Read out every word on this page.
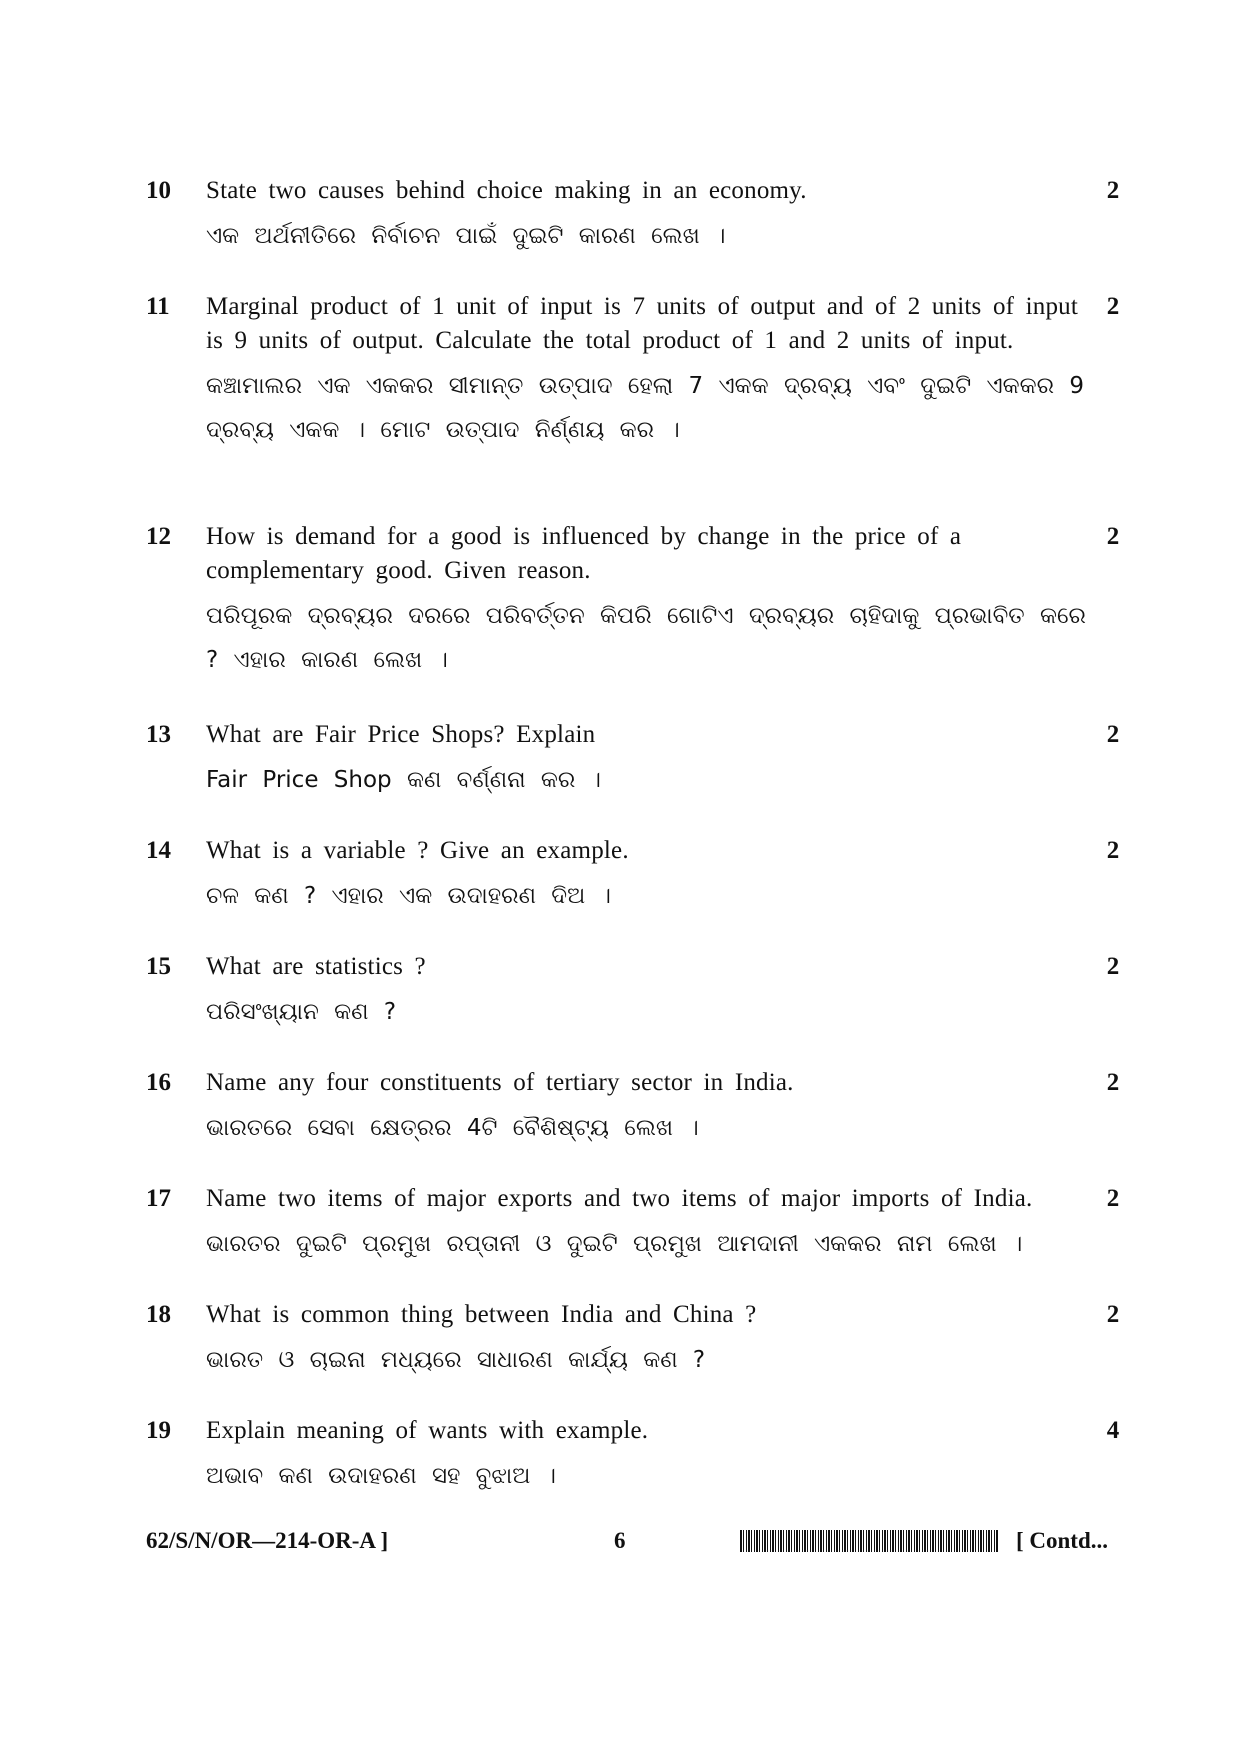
10 State two causes behind choice making in an economy.

ଏକ ଅର୍ଥନୀତିରେ ନିର୍ବାଚନ ପାଇଁ ଦୁଇଟି କାରଣ ଲେଖ ।

2
11 Marginal product of 1 unit of input is 7 units of output and of 2 units of input is 9 units of output. Calculate the total product of 1 and 2 units of input.

କଞ୍ଚାମାଲର ଏକ ଏକକର ସୀମାନ୍ତ ଉତ୍ପାଦ ହେଲା 7 ଏକକ ଦ୍ରବ୍ୟ ଏବଂ ଦୁଇଟି ଏକକର 9 ଦ୍ରବ୍ୟ ଏକକ । ମୋଟ ଉତ୍ପାଦ ନିର୍ଣ୍ଣୟ କର ।

2
12 How is demand for a good is influenced by change in the price of a complementary good. Given reason.

ପରିପୂରକ ଦ୍ରବ୍ୟର ଦରରେ ପରିବର୍ତ୍ତନ କିପରି ଗୋଟିଏ ଦ୍ରବ୍ୟର ଚାହିଦାକୁ ପ୍ରଭାବିତ କରେ ? ଏହାର କାରଣ ଲେଖ ।

2
13 What are Fair Price Shops? Explain

Fair Price Shop କଣ ବର୍ଣ୍ଣନା କର ।

2
14 What is a variable ? Give an example.

ଚଳ କଣ ? ଏହାର ଏକ ଉଦାହରଣ ଦିଅ ।

2
15 What are statistics ?

ପରିସଂଖ୍ୟାନ କଣ ?

2
16 Name any four constituents of tertiary sector in India.

ଭାରତରେ ସେବା କ୍ଷେତ୍ରର 4ଟି ବୈଶିଷ୍ଟ୍ୟ ଲେଖ ।

2
17 Name two items of major exports and two items of major imports of India.

ଭାରତର ଦୁଇଟି ପ୍ରମୁଖ ରପ୍ତାନୀ ଓ ଦୁଇଟି ପ୍ରମୁଖ ଆମଦାନୀ ଏକକର ନାମ ଲେଖ ।

2
18 What is common thing between India and China ?

ଭାରତ ଓ ଚାଇନା ମଧ୍ୟରେ ସାଧାରଣ କାର୍ଯ୍ୟ କଣ ?

2
19 Explain meaning of wants with example.

ଅଭାବ କଣ ଉଦାହରଣ ସହ ବୁଝାଅ ।

4
62/S/N/OR—214-OR-A ]	6	[ Contd...
